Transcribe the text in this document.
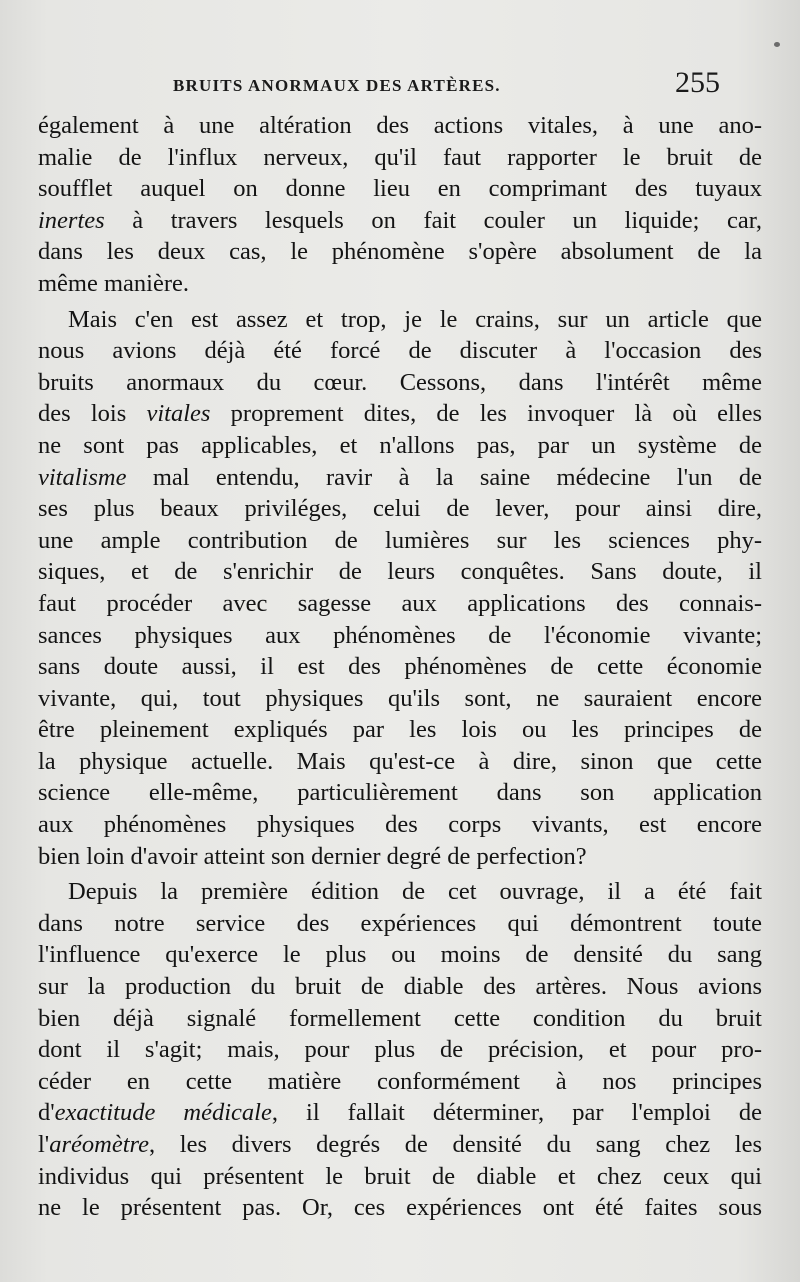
BRUITS ANORMAUX DES ARTÈRES.	255
également à une altération des actions vitales, à une ano-
malie de l'influx nerveux, qu'il faut rapporter le bruit de
soufflet auquel on donne lieu en comprimant des tuyaux
inertes à travers lesquels on fait couler un liquide; car,
dans les deux cas, le phénomène s'opère absolument de la
même manière.
Mais c'en est assez et trop, je le crains, sur un article que
nous avions déjà été forcé de discuter à l'occasion des
bruits anormaux du cœur. Cessons, dans l'intérêt même
des lois vitales proprement dites, de les invoquer là où elles
ne sont pas applicables, et n'allons pas, par un système de
vitalisme mal entendu, ravir à la saine médecine l'un de
ses plus beaux priviléges, celui de lever, pour ainsi dire,
une ample contribution de lumières sur les sciences phy-
siques, et de s'enrichir de leurs conquêtes. Sans doute, il
faut procéder avec sagesse aux applications des connais-
sances physiques aux phénomènes de l'économie vivante;
sans doute aussi, il est des phénomènes de cette économie
vivante, qui, tout physiques qu'ils sont, ne sauraient encore
être pleinement expliqués par les lois ou les principes de
la physique actuelle. Mais qu'est-ce à dire, sinon que cette
science elle-même, particulièrement dans son application
aux phénomènes physiques des corps vivants, est encore
bien loin d'avoir atteint son dernier degré de perfection?
Depuis la première édition de cet ouvrage, il a été fait
dans notre service des expériences qui démontrent toute
l'influence qu'exerce le plus ou moins de densité du sang
sur la production du bruit de diable des artères. Nous avions
bien déjà signalé formellement cette condition du bruit
dont il s'agit; mais, pour plus de précision, et pour pro-
céder en cette matière conformément à nos principes
d'exactitude médicale, il fallait déterminer, par l'emploi de
l'aréomètre, les divers degrés de densité du sang chez les
individus qui présentent le bruit de diable et chez ceux qui
ne le présentent pas. Or, ces expériences ont été faites sous
